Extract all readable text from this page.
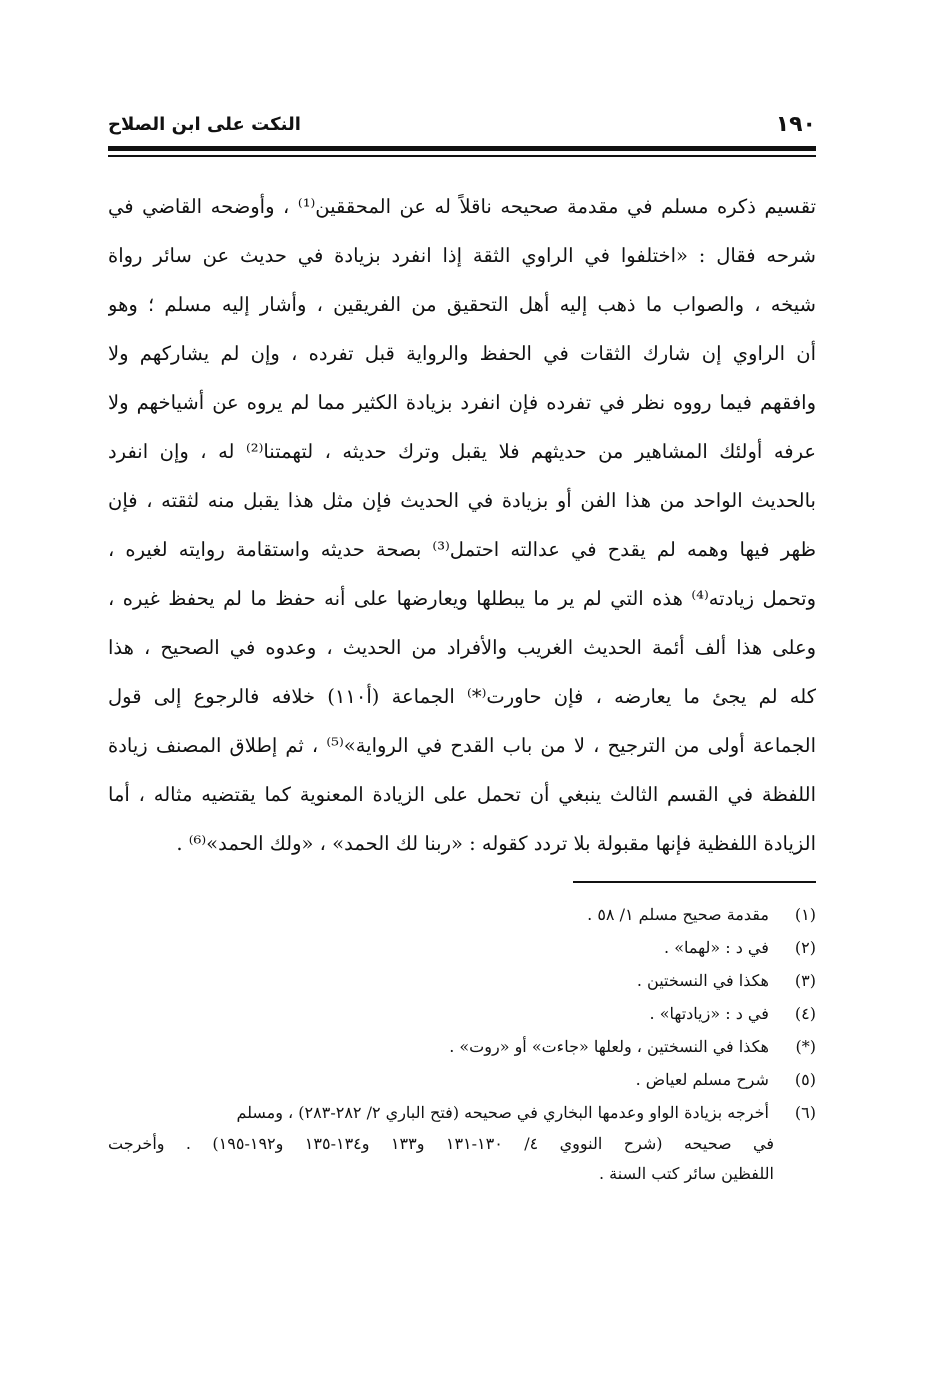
١٩٠
النكت على ابن الصلاح
تقسيم ذكره مسلم في مقدمة صحيحه ناقلاً له عن المحققين⁽¹⁾ ، وأوضحه القاضي في
شرحه فقال : «اختلفوا في الراوي الثقة إذا انفرد بزيادة في حديث عن سائر رواة
شيخه ، والصواب ما ذهب إليه أهل التحقيق من الفريقين ، وأشار إليه مسلم ؛ وهو
أن الراوي إن شارك الثقات في الحفظ والرواية قبل تفرده ، وإن لم يشاركهم ولا
وافقهم فيما رووه نظر في تفرده فإن انفرد بزيادة الكثير مما لم يروه عن أشياخهم ولا
عرفه أولئك المشاهير من حديثهم فلا يقبل وترك حديثه ، لتهمتنا⁽²⁾ له ، وإن انفرد
بالحديث الواحد من هذا الفن أو بزيادة في الحديث فإن مثل هذا يقبل منه لثقته ، فإن
ظهر فيها وهمه لم يقدح في عدالته احتمل⁽³⁾ بصحة حديثه واستقامة روايته لغيره ،
وتحمل زيادته⁽⁴⁾ هذه التي لم ير ما يبطلها ويعارضها على أنه حفظ ما لم يحفظ غيره ،
وعلى هذا ألف أئمة الحديث الغريب والأفراد من الحديث ، وعدوه في الصحيح ، هذا
كله لم يجئ ما يعارضه ، فإن حاورت⁽*⁾ الجماعة (أ١١٠) خلافه فالرجوع إلى قول
الجماعة أولى من الترجيح ، لا من باب القدح في الرواية»⁽⁵⁾ ، ثم إطلاق المصنف زيادة
اللفظة في القسم الثالث ينبغي أن تحمل على الزيادة المعنوية كما يقتضيه مثاله ، أما
الزيادة اللفظية فإنها مقبولة بلا تردد كقوله : «ربنا لك الحمد» ، «ولك الحمد»⁽⁶⁾ .
(١) مقدمة صحيح مسلم ١/ ٥٨ .
(٢) في د : «لهما» .
(٣) هكذا في النسختين .
(٤) في د : «زيادتها» .
(*) هكذا في النسختين ، ولعلها «جاءت» أو «روت» .
(٥) شرح مسلم لعياض .
(٦) أخرجه بزيادة الواو وعدمها البخاري في صحيحه (فتح الباري ٢/ ٢٨٢-٢٨٣) ، ومسلم
في صحيحه (شرح النووي ٤/ ١٣٠-١٣١ و١٣٣ و١٣٤-١٣٥ و١٩٢-١٩٥) . وأخرجت
اللفظين سائر كتب السنة .
